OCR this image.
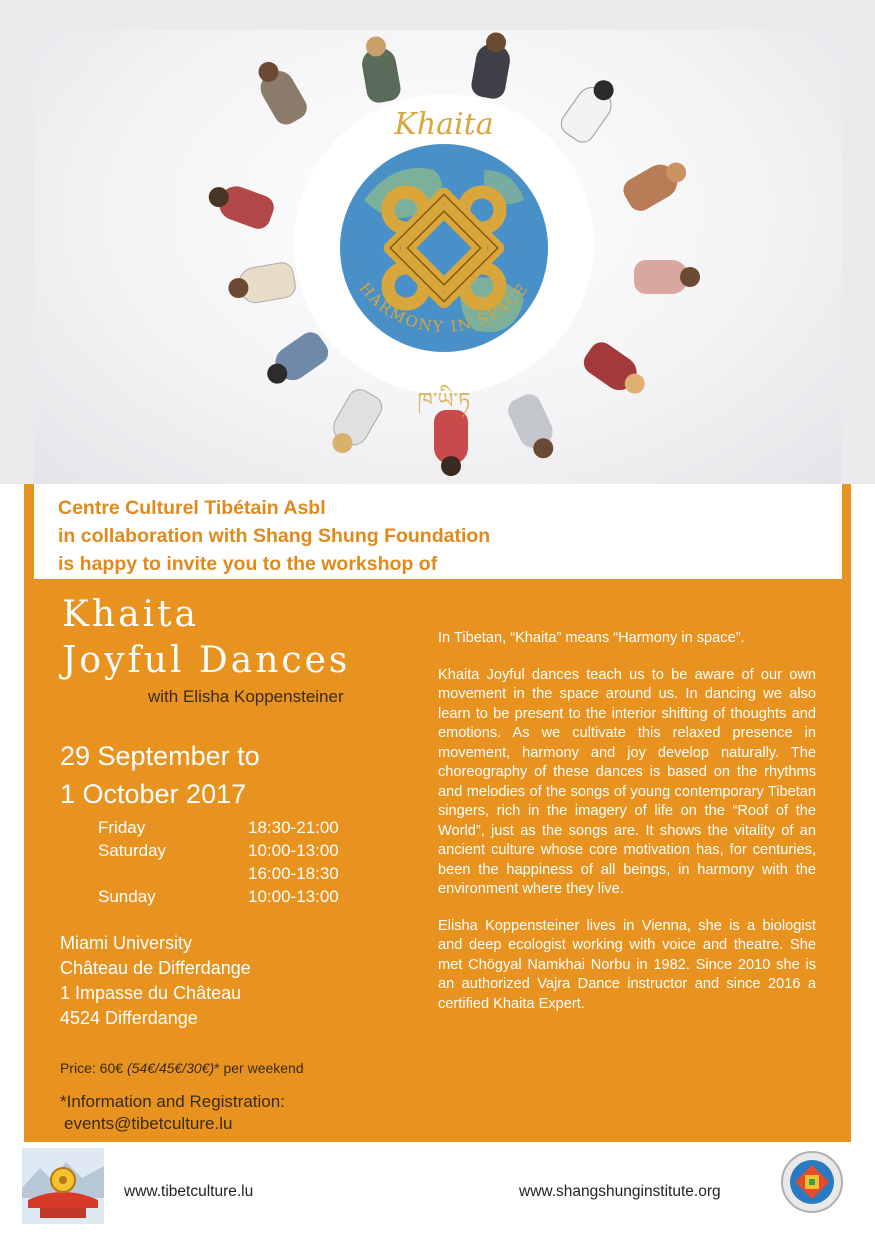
HARMONY IN SPACE
Khaita
ཁ་ཡི་ཏ
Centre Culturel Tibétain Asbl
in collaboration with Shang Shung Foundation
is happy to invite you to the workshop of
Khaita
Joyful Dances
with Elisha Koppensteiner
29 September to
1 October 2017
Friday	18:30-21:00
Saturday	10:00-13:00
16:00-18:30
Sunday	10:00-13:00
Miami University
Château de Differdange
1 Impasse du Château
4524 Differdange
Price: 60€ (54€/45€/30€)* per weekend
*Information and Registration:
events@tibetculture.lu

In Tibetan, “Khaita” means “Harmony in space”.

Khaita Joyful dances teach us to be aware of our own movement in the space around us. In dancing we also learn to be present to the interior shifting of thoughts and emotions. As we cultivate this relaxed presence in movement, harmony and joy develop naturally. The choreography of these dances is based on the rhythms and melodies of the songs of young contemporary Tibetan singers, rich in the imagery of life on the “Roof of the World”, just as the songs are. It shows the vitality of an ancient culture whose core motivation has, for centuries, been the happiness of all beings, in harmony with the environment where they live.

Elisha Koppensteiner lives in Vienna, she is a biologist and deep ecologist working with voice and theatre. She met Chögyal Namkhai Norbu in 1982. Since 2010 she is an authorized Vajra Dance instructor and since 2016 a certified Khaita Expert.

www.tibetculture.lu	www.shangshunginstitute.org
